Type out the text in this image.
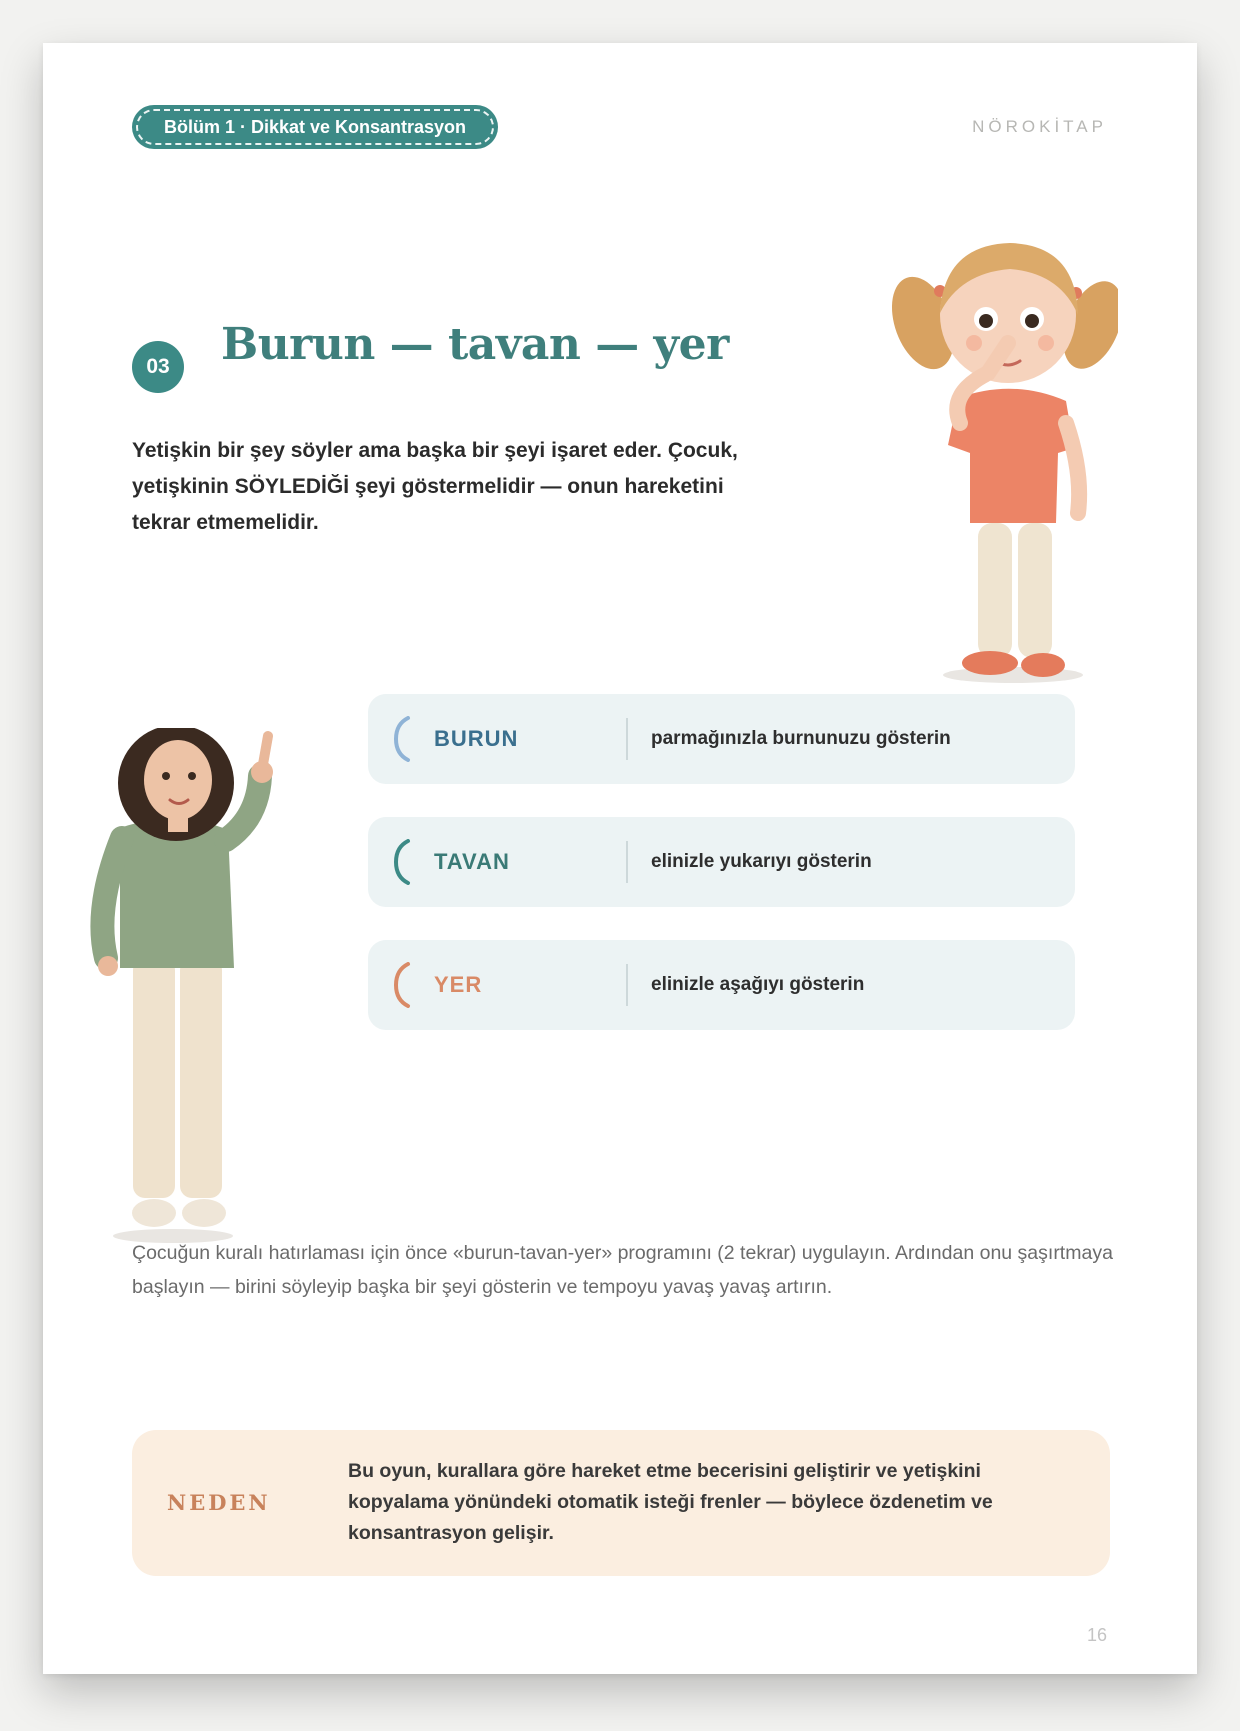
Bölüm 1 · Dikkat ve Konsantrasyon	NÖROKİTAP
03	Burun — tavan — yer

Yetişkin bir şey söyler ama başka bir şeyi işaret eder. Çocuk, yetişkinin SÖYLEDİĞİ şeyi göstermelidir — onun hareketini tekrar etmemelidir.

BURUN	parmağınızla burnunuzu gösterin
TAVAN	elinizle yukarıyı gösterin
YER	elinizle aşağıyı gösterin

Çocuğun kuralı hatırlaması için önce «burun-tavan-yer» programını (2 tekrar) uygulayın. Ardından onu şaşırtmaya başlayın — birini söyleyip başka bir şeyi gösterin ve tempoyu yavaş yavaş artırın.

NEDEN

Bu oyun, kurallara göre hareket etme becerisini geliştirir ve yetişkini kopyalama yönündeki otomatik isteği frenler — böylece özdenetim ve konsantrasyon gelişir.

16
